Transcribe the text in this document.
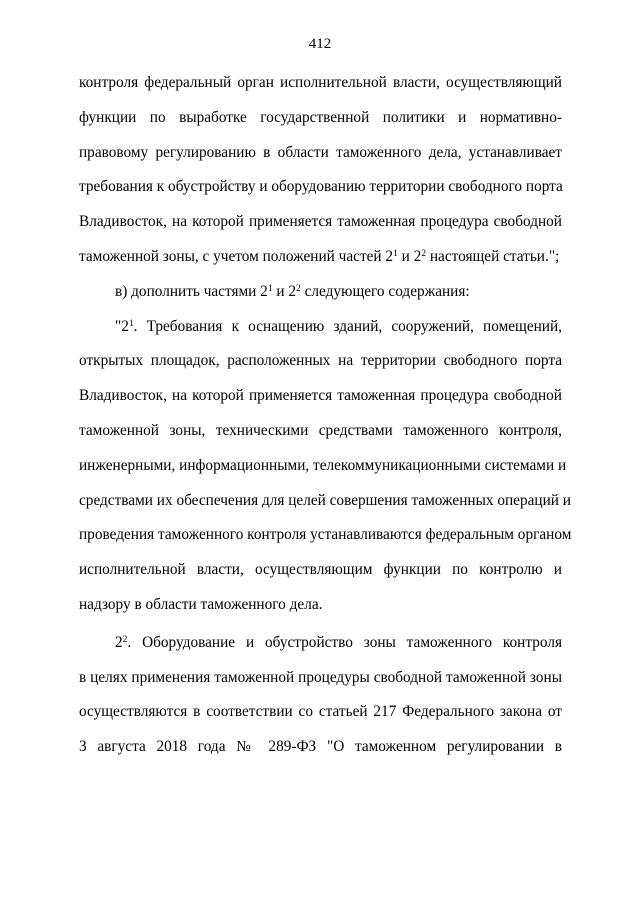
412
контроля федеральный орган исполнительной власти, осуществляющий
функции по выработке государственной политики и нормативно-
правовому регулированию в области таможенного дела, устанавливает
требования к обустройству и оборудованию территории свободного порта
Владивосток, на которой применяется таможенная процедура свободной
таможенной зоны, с учетом положений частей $2^1$ и $2^2$ настоящей статьи.";
в) дополнить частями $2^1$ и $2^2$ следующего содержания:
"$2^1$. Требования к оснащению зданий, сооружений, помещений,
открытых площадок, расположенных на территории свободного порта
Владивосток, на которой применяется таможенная процедура свободной
таможенной зоны, техническими средствами таможенного контроля,
инженерными, информационными, телекоммуникационными системами и
средствами их обеспечения для целей совершения таможенных операций и
проведения таможенного контроля устанавливаются федеральным органом
исполнительной власти, осуществляющим функции по контролю и
надзору в области таможенного дела.
$2^2$. Оборудование и обустройство зоны таможенного контроля
в целях применения таможенной процедуры свободной таможенной зоны
осуществляются в соответствии со статьей 217 Федерального закона от
3 августа 2018 года № 289-ФЗ "О таможенном регулировании в
